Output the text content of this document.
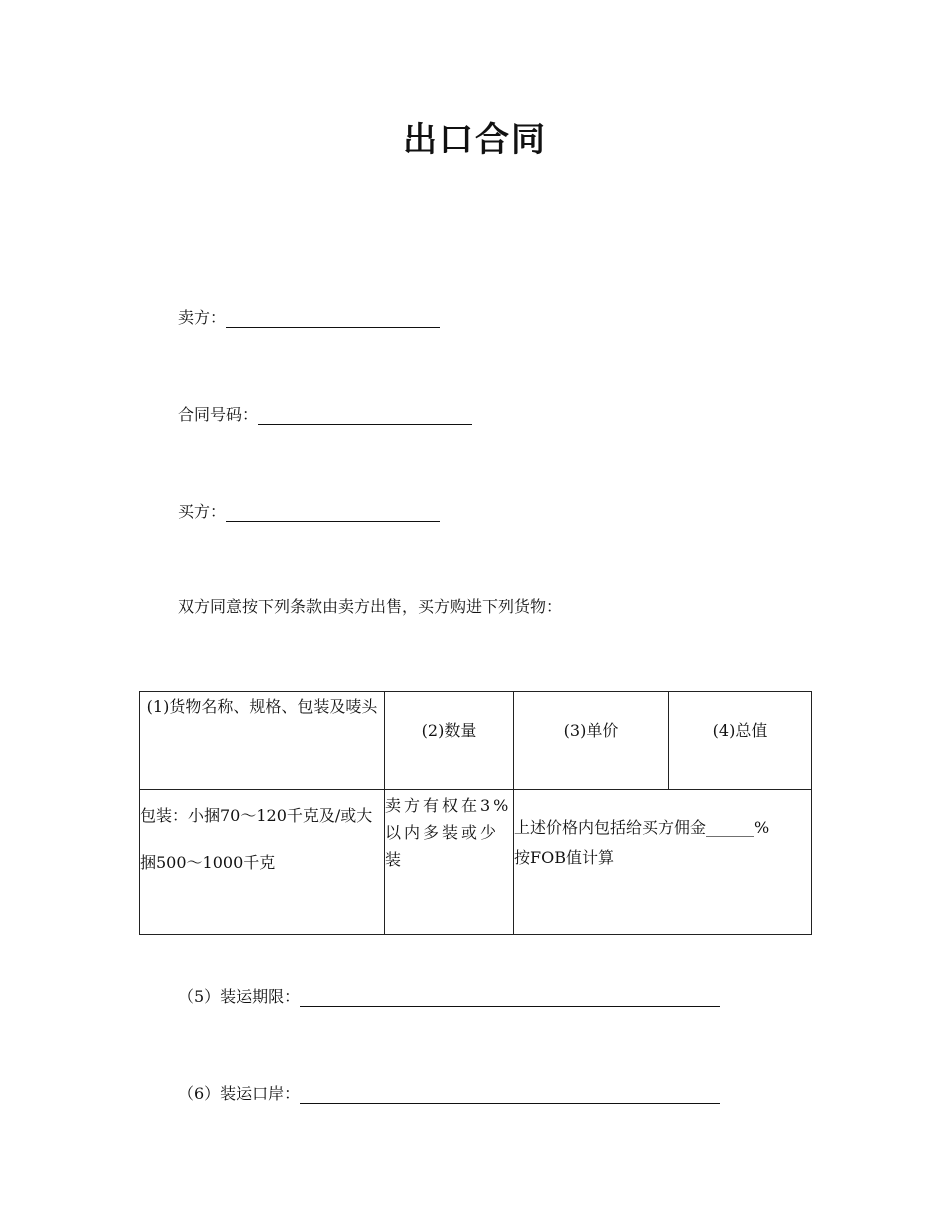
出口合同
卖方：
合同号码：
买方：
双方同意按下列条款由卖方出售，买方购进下列货物：
(1)货物名称、规格、包装及唛头	(2)数量	(3)单价	(4)总值

包装：小捆70～120千克及/或大捆500～1000千克	卖方有权在3%以内多装或少装	上述价格内包括给买方佣金______%
按FOB值计算	
（5）装运期限：
（6）装运口岸：
